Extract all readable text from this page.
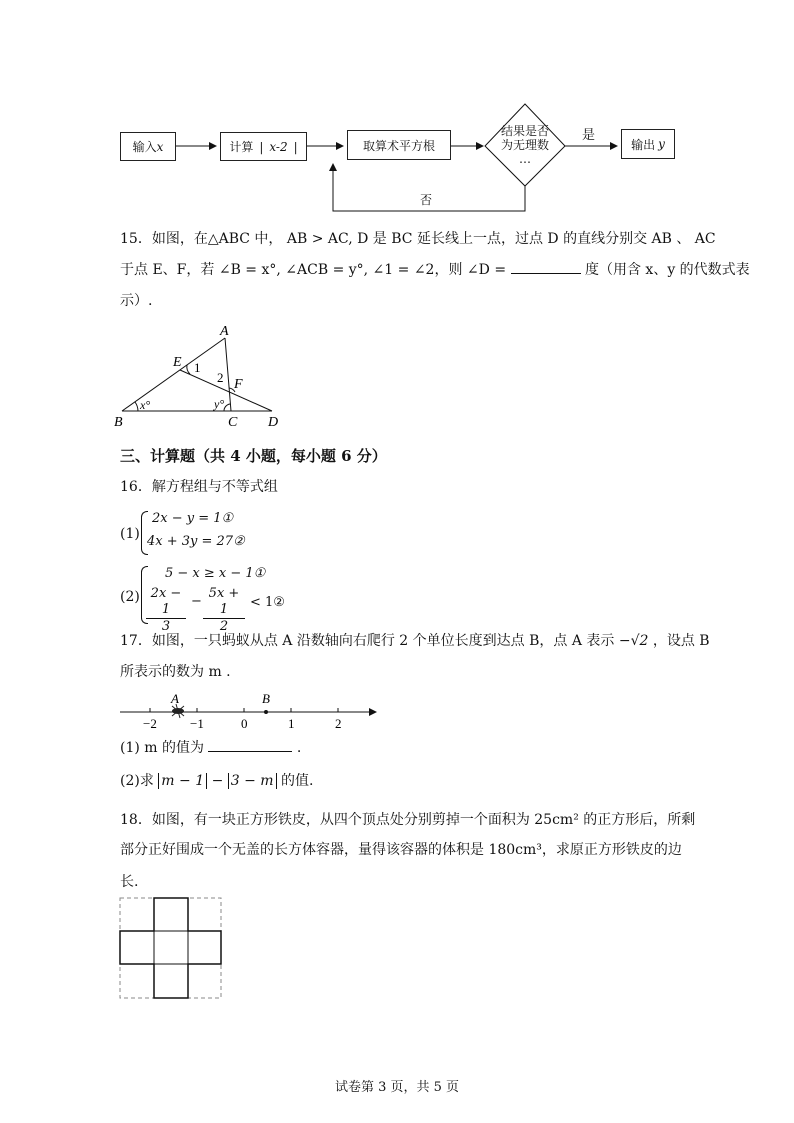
输入 x	计算 | x-2 |	取算术平方根
结果是否
为无理数
…
是
否
输出 y
15．如图，在△ABC 中， AB > AC, D 是 BC 延长线上一点，过点 D 的直线分别交 AB 、 AC
于点 E、F，若 ∠B = x°, ∠ACB = y°, ∠1 = ∠2，则 ∠D =	度（用含 x、y 的代数式表
示）.
A
E
F
B	C D
1
2
x°	y°
三、计算题（共 4 小题，每小题 6 分）
16．解方程组与不等式组
(1)
2x − y = 1①
4x + 3y = 27②
(2)
5 − x ≥ x − 1①
$\frac{2x - 1}{3} - \frac{5x + 1}{2}$ < 1②
17．如图，一只蚂蚁从点 A 沿数轴向右爬行 2 个单位长度到达点 B，点 A 表示 −√2 ，设点 B
所表示的数为 m .
−2	−1	0	1	2
A	B
(1) m 的值为	.
(2)求 m − 1 − 3 − m 的值.
18．如图，有一块正方形铁皮，从四个顶点处分别剪掉一个面积为 25cm² 的正方形后，所剩
部分正好围成一个无盖的长方体容器，量得该容器的体积是 180cm³，求原正方形铁皮的边
长.
试卷第 3 页，共 5 页
